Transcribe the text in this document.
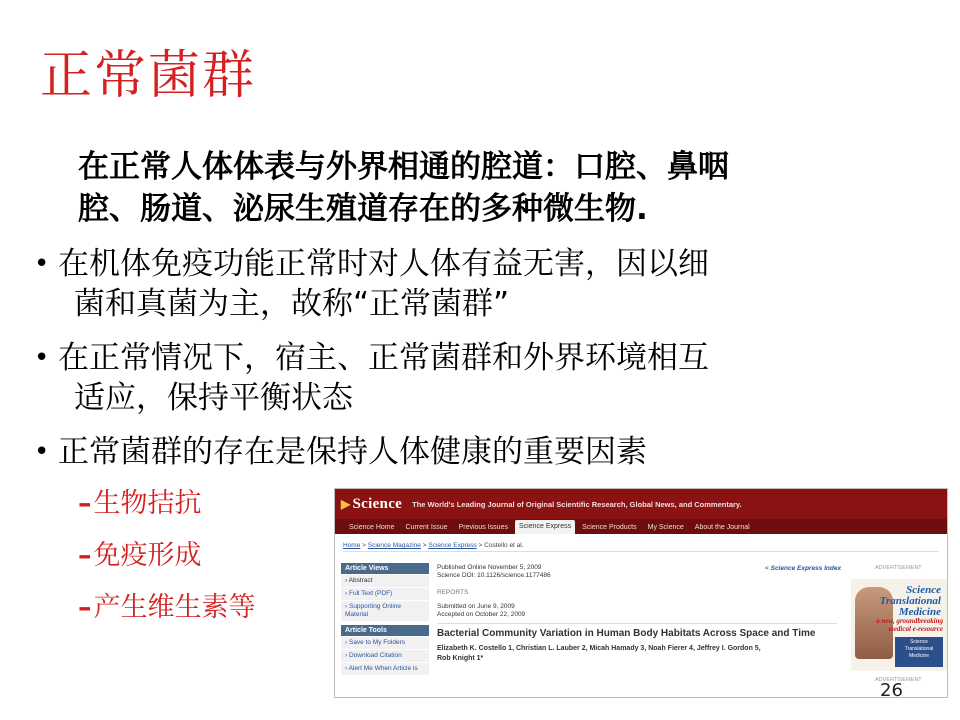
正常菌群

在正常人体体表与外界相通的腔道：口腔、鼻咽
腔、肠道、泌尿生殖道存在的多种微生物.

• 在机体免疫功能正常时对人体有益无害，因以细
菌和真菌为主，故称“正常菌群”
• 在正常情况下，宿主、正常菌群和外界环境相互
适应，保持平衡状态
• 正常菌群的存在是保持人体健康的重要因素
–生物拮抗
–免疫形成
–产生维生素等
▶ Science The World's Leading Journal of Original Scientific Research, Global News, and Commentary.
Science Home	Current Issue	Previous Issues	Science Express	Science Products	My Science	About the Journal
Home > Science Magazine > Science Express > Costello et al.
Article Views
› Abstract
› Full Text (PDF)
› Supporting Online Material
Article Tools
› Save to My Folders
› Download Citation
› Alert Me When Article is
Published Online November 5, 2009
Science DOI: 10.1126/science.1177486
REPORTS
Submitted on June 9, 2009
Accepted on October 22, 2009
Bacterial Community Variation in Human Body Habitats Across Space and Time
Elizabeth K. Costello 1, Christian L. Lauber 2, Micah Hamady 3, Noah Fierer 4, Jeffrey I. Gordon 5,
Rob Knight 1*
< Science Express Index	ADVERTISEMENT
Science
Translational
Medicine
a new, groundbreaking
medical e-resource
Science
Translational
Medicine
ADVERTISEMENT
26
